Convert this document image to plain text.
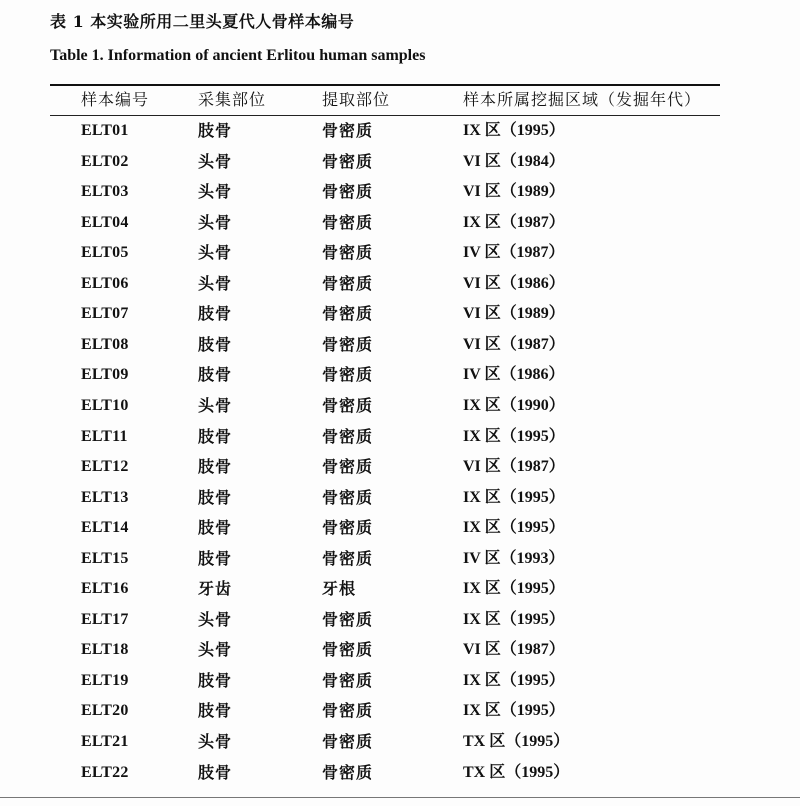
表 1 本实验所用二里头夏代人骨样本编号
Table 1. Information of ancient Erlitou human samples
样本编号	采集部位	提取部位	样本所属挖掘区域（发掘年代）
ELT01	肢骨	骨密质	IX 区（1995）
ELT02	头骨	骨密质	VI 区（1984）
ELT03	头骨	骨密质	VI 区（1989）
ELT04	头骨	骨密质	IX 区（1987）
ELT05	头骨	骨密质	IV 区（1987）
ELT06	头骨	骨密质	VI 区（1986）
ELT07	肢骨	骨密质	VI 区（1989）
ELT08	肢骨	骨密质	VI 区（1987）
ELT09	肢骨	骨密质	IV 区（1986）
ELT10	头骨	骨密质	IX 区（1990）
ELT11	肢骨	骨密质	IX 区（1995）
ELT12	肢骨	骨密质	VI 区（1987）
ELT13	肢骨	骨密质	IX 区（1995）
ELT14	肢骨	骨密质	IX 区（1995）
ELT15	肢骨	骨密质	IV 区（1993）
ELT16	牙齿	牙根	IX 区（1995）
ELT17	头骨	骨密质	IX 区（1995）
ELT18	头骨	骨密质	VI 区（1987）
ELT19	肢骨	骨密质	IX 区（1995）
ELT20	肢骨	骨密质	IX 区（1995）
ELT21	头骨	骨密质	TX 区（1995）
ELT22	肢骨	骨密质	TX 区（1995）
